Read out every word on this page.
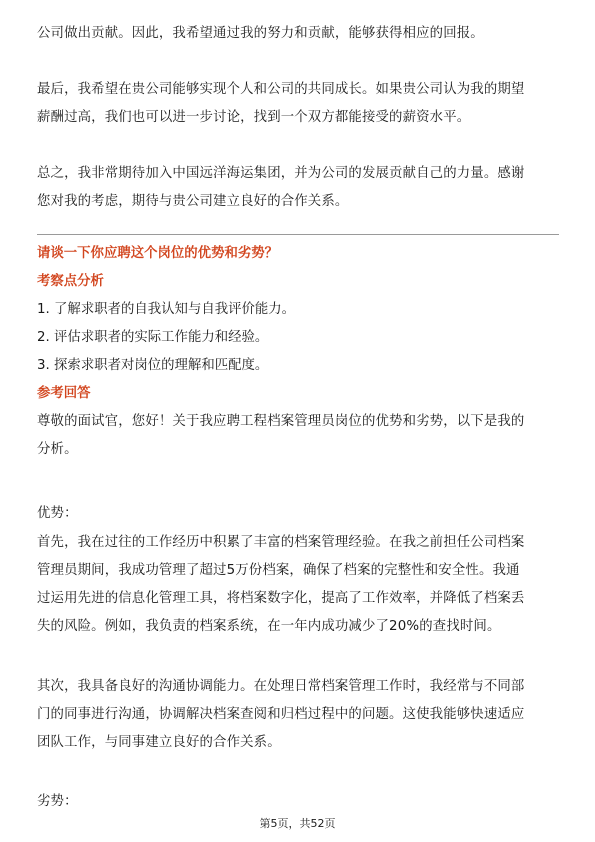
公司做出贡献。因此，我希望通过我的努力和贡献，能够获得相应的回报。

最后，我希望在贵公司能够实现个人和公司的共同成长。如果贵公司认为我的期望

薪酬过高，我们也可以进一步讨论，找到一个双方都能接受的薪资水平。

总之，我非常期待加入中国远洋海运集团，并为公司的发展贡献自己的力量。感谢

您对我的考虑，期待与贵公司建立良好的合作关系。

请谈一下你应聘这个岗位的优势和劣势？

考察点分析

1. 了解求职者的自我认知与自我评价能力。

2. 评估求职者的实际工作能力和经验。

3. 探索求职者对岗位的理解和匹配度。

参考回答

尊敬的面试官，您好！关于我应聘工程档案管理员岗位的优势和劣势，以下是我的

分析。

优势：

首先，我在过往的工作经历中积累了丰富的档案管理经验。在我之前担任公司档案

管理员期间，我成功管理了超过5万份档案，确保了档案的完整性和安全性。我通

过运用先进的信息化管理工具，将档案数字化，提高了工作效率，并降低了档案丢

失的风险。例如，我负责的档案系统，在一年内成功减少了20%的查找时间。

其次，我具备良好的沟通协调能力。在处理日常档案管理工作时，我经常与不同部

门的同事进行沟通，协调解决档案查阅和归档过程中的问题。这使我能够快速适应

团队工作，与同事建立良好的合作关系。

劣势：

第5页，共52页
